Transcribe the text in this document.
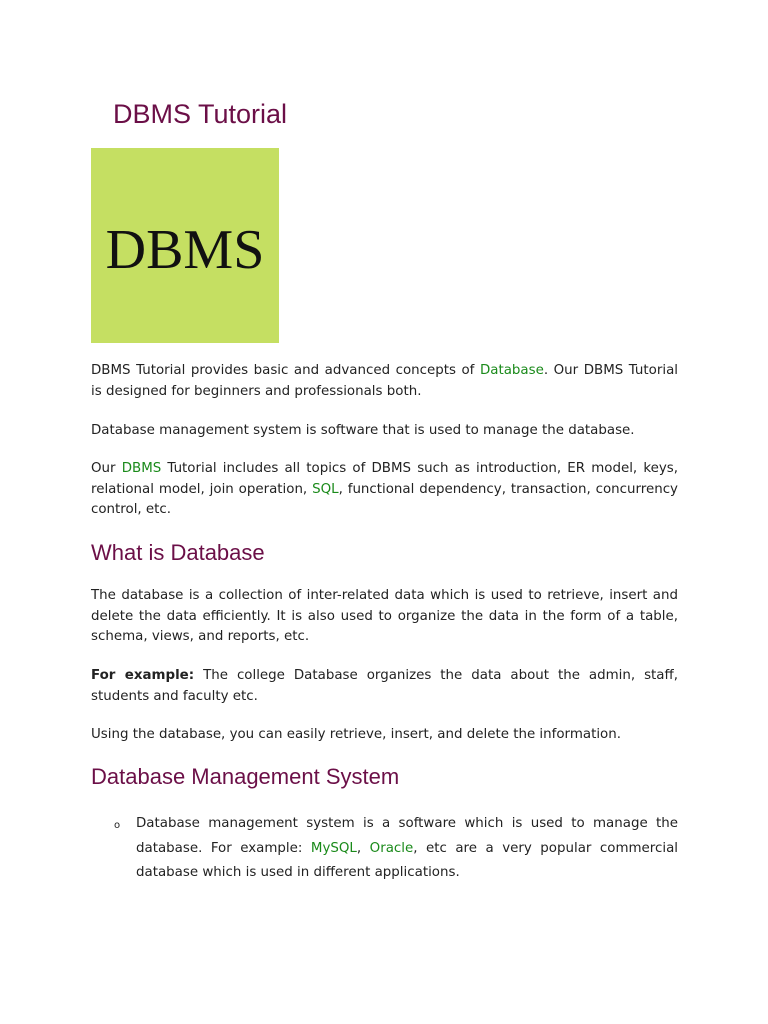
DBMS Tutorial
DBMS

DBMS Tutorial provides basic and advanced concepts of Database. Our DBMS Tutorial is designed for beginners and professionals both.

Database management system is software that is used to manage the database.

Our DBMS Tutorial includes all topics of DBMS such as introduction, ER model, keys, relational model, join operation, SQL, functional dependency, transaction, concurrency control, etc.

What is Database

The database is a collection of inter-related data which is used to retrieve, insert and delete the data efficiently. It is also used to organize the data in the form of a table, schema, views, and reports, etc.

For example: The college Database organizes the data about the admin, staff, students and faculty etc.

Using the database, you can easily retrieve, insert, and delete the information.

Database Management System
o Database management system is a software which is used to manage the database. For example: MySQL, Oracle, etc are a very popular commercial database which is used in different applications.
